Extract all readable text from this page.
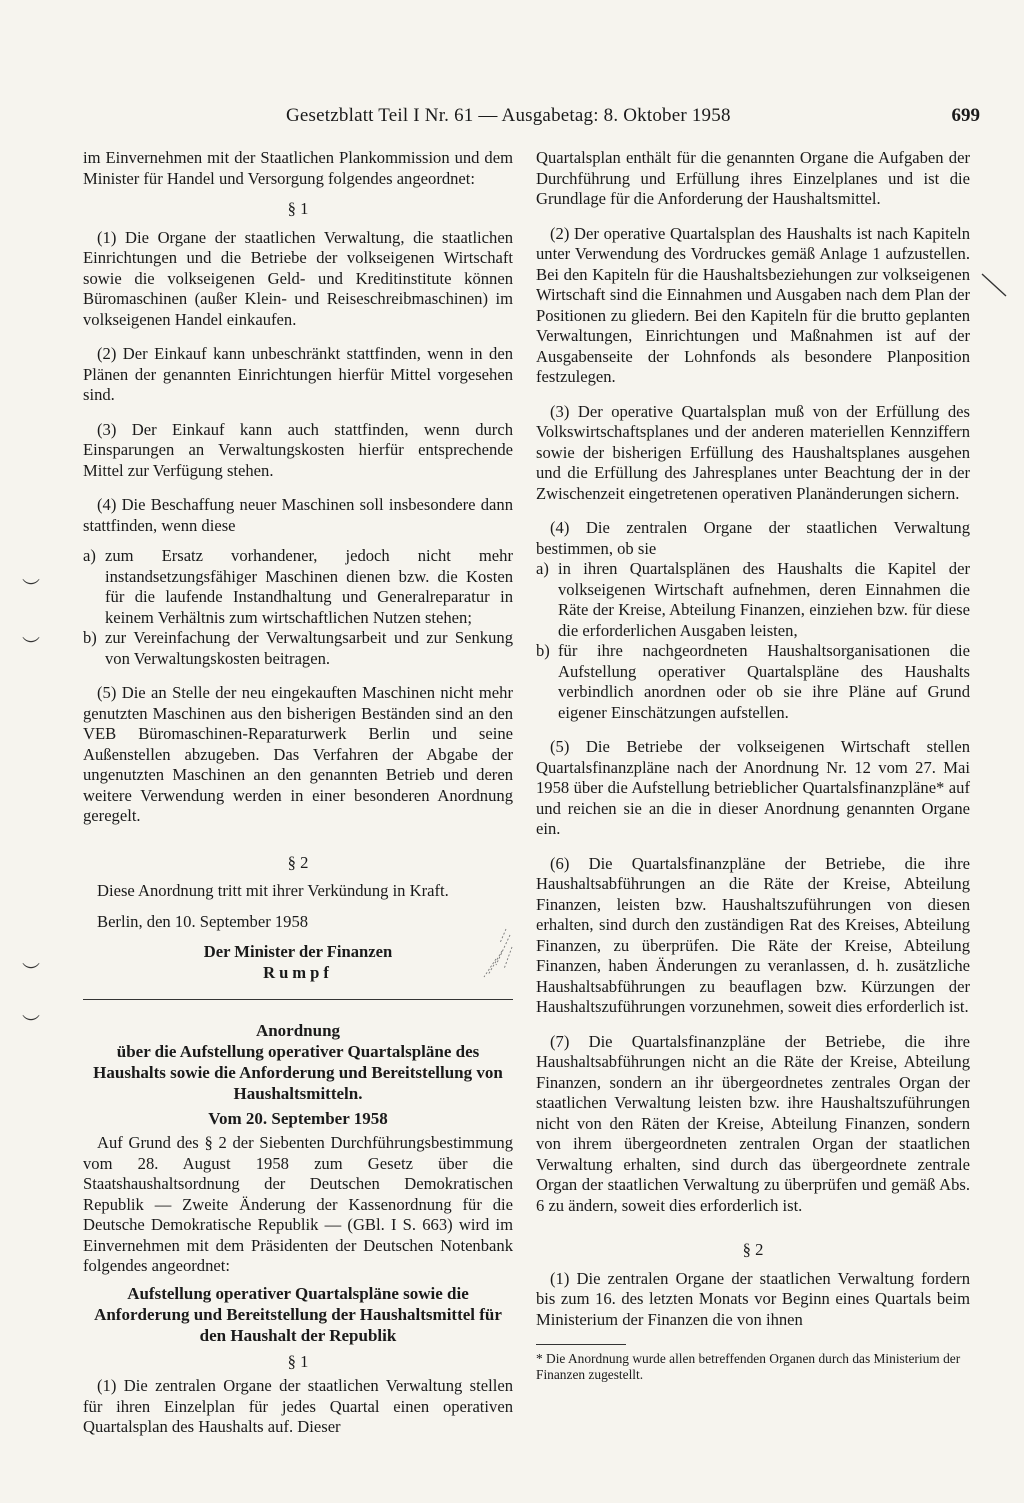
Gesetzblatt Teil I Nr. 61 — Ausgabetag: 8. Oktober 1958	699
︶
︶
︶
︶

im Einvernehmen mit der Staatlichen Plankommission und dem Minister für Handel und Versorgung folgendes angeordnet:

§ 1

(1) Die Organe der staatlichen Verwaltung, die staatlichen Einrichtungen und die Betriebe der volkseigenen Wirtschaft sowie die volkseigenen Geld- und Kreditinstitute können Büromaschinen (außer Klein- und Reiseschreibmaschinen) im volkseigenen Handel einkaufen.

(2) Der Einkauf kann unbeschränkt stattfinden, wenn in den Plänen der genannten Einrichtungen hierfür Mittel vorgesehen sind.

(3) Der Einkauf kann auch stattfinden, wenn durch Einsparungen an Verwaltungskosten hierfür entsprechende Mittel zur Verfügung stehen.

(4) Die Beschaffung neuer Maschinen soll insbesondere dann stattfinden, wenn diese

a) zum Ersatz vorhandener, jedoch nicht mehr instandsetzungsfähiger Maschinen dienen bzw. die Kosten für die laufende Instandhaltung und Generalreparatur in keinem Verhältnis zum wirtschaftlichen Nutzen stehen;
b) zur Vereinfachung der Verwaltungsarbeit und zur Senkung von Verwaltungskosten beitragen.

(5) Die an Stelle der neu eingekauften Maschinen nicht mehr genutzten Maschinen aus den bisherigen Beständen sind an den VEB Büromaschinen-Reparaturwerk Berlin und seine Außenstellen abzugeben. Das Verfahren der Abgabe der ungenutzten Maschinen an den genannten Betrieb und deren weitere Verwendung werden in einer besonderen Anordnung geregelt.

§ 2

Diese Anordnung tritt mit ihrer Verkündung in Kraft.

Berlin, den 10. September 1958

Der Minister der Finanzen

Rumpf

Anordnung

über die Aufstellung operativer Quartalspläne des Haushalts sowie die Anforderung und Bereitstellung von Haushaltsmitteln.

Vom 20. September 1958

Auf Grund des § 2 der Siebenten Durchführungsbestimmung vom 28. August 1958 zum Gesetz über die Staatshaushaltsordnung der Deutschen Demokratischen Republik — Zweite Änderung der Kassenordnung für die Deutsche Demokratische Republik — (GBl. I S. 663) wird im Einvernehmen mit dem Präsidenten der Deutschen Notenbank folgendes angeordnet:

Aufstellung operativer Quartalspläne sowie die Anforderung und Bereitstellung der Haushaltsmittel für den Haushalt der Republik

§ 1

(1) Die zentralen Organe der staatlichen Verwaltung stellen für ihren Einzelplan für jedes Quartal einen operativen Quartalsplan des Haushalts auf. Dieser

Quartalsplan enthält für die genannten Organe die Aufgaben der Durchführung und Erfüllung ihres Einzelplanes und ist die Grundlage für die Anforderung der Haushaltsmittel.

(2) Der operative Quartalsplan des Haushalts ist nach Kapiteln unter Verwendung des Vordruckes gemäß Anlage 1 aufzustellen. Bei den Kapiteln für die Haushaltsbeziehungen zur volkseigenen Wirtschaft sind die Einnahmen und Ausgaben nach dem Plan der Positionen zu gliedern. Bei den Kapiteln für die brutto geplanten Verwaltungen, Einrichtungen und Maßnahmen ist auf der Ausgabenseite der Lohnfonds als besondere Planposition festzulegen.

(3) Der operative Quartalsplan muß von der Erfüllung des Volkswirtschaftsplanes und der anderen materiellen Kennziffern sowie der bisherigen Erfüllung des Haushaltsplanes ausgehen und die Erfüllung des Jahresplanes unter Beachtung der in der Zwischenzeit eingetretenen operativen Planänderungen sichern.

(4) Die zentralen Organe der staatlichen Verwaltung bestimmen, ob sie

a) in ihren Quartalsplänen des Haushalts die Kapitel der volkseigenen Wirtschaft aufnehmen, deren Einnahmen die Räte der Kreise, Abteilung Finanzen, einziehen bzw. für diese die erforderlichen Ausgaben leisten,
b) für ihre nachgeordneten Haushaltsorganisationen die Aufstellung operativer Quartalspläne des Haushalts verbindlich anordnen oder ob sie ihre Pläne auf Grund eigener Einschätzungen aufstellen.

(5) Die Betriebe der volkseigenen Wirtschaft stellen Quartalsfinanzpläne nach der Anordnung Nr. 12 vom 27. Mai 1958 über die Aufstellung betrieblicher Quartalsfinanzpläne* auf und reichen sie an die in dieser Anordnung genannten Organe ein.

(6) Die Quartalsfinanzpläne der Betriebe, die ihre Haushaltsabführungen an die Räte der Kreise, Abteilung Finanzen, leisten bzw. Haushaltszuführungen von diesen erhalten, sind durch den zuständigen Rat des Kreises, Abteilung Finanzen, zu überprüfen. Die Räte der Kreise, Abteilung Finanzen, haben Änderungen zu veranlassen, d. h. zusätzliche Haushaltsabführungen zu beauflagen bzw. Kürzungen der Haushaltszuführungen vorzunehmen, soweit dies erforderlich ist.

(7) Die Quartalsfinanzpläne der Betriebe, die ihre Haushaltsabführungen nicht an die Räte der Kreise, Abteilung Finanzen, sondern an ihr übergeordnetes zentrales Organ der staatlichen Verwaltung leisten bzw. ihre Haushaltszuführungen nicht von den Räten der Kreise, Abteilung Finanzen, sondern von ihrem übergeordneten zentralen Organ der staatlichen Verwaltung erhalten, sind durch das übergeordnete zentrale Organ der staatlichen Verwaltung zu überprüfen und gemäß Abs. 6 zu ändern, soweit dies erforderlich ist.

§ 2

(1) Die zentralen Organe der staatlichen Verwaltung fordern bis zum 16. des letzten Monats vor Beginn eines Quartals beim Ministerium der Finanzen die von ihnen

* Die Anordnung wurde allen betreffenden Organen durch das Ministerium der Finanzen zugestellt.
